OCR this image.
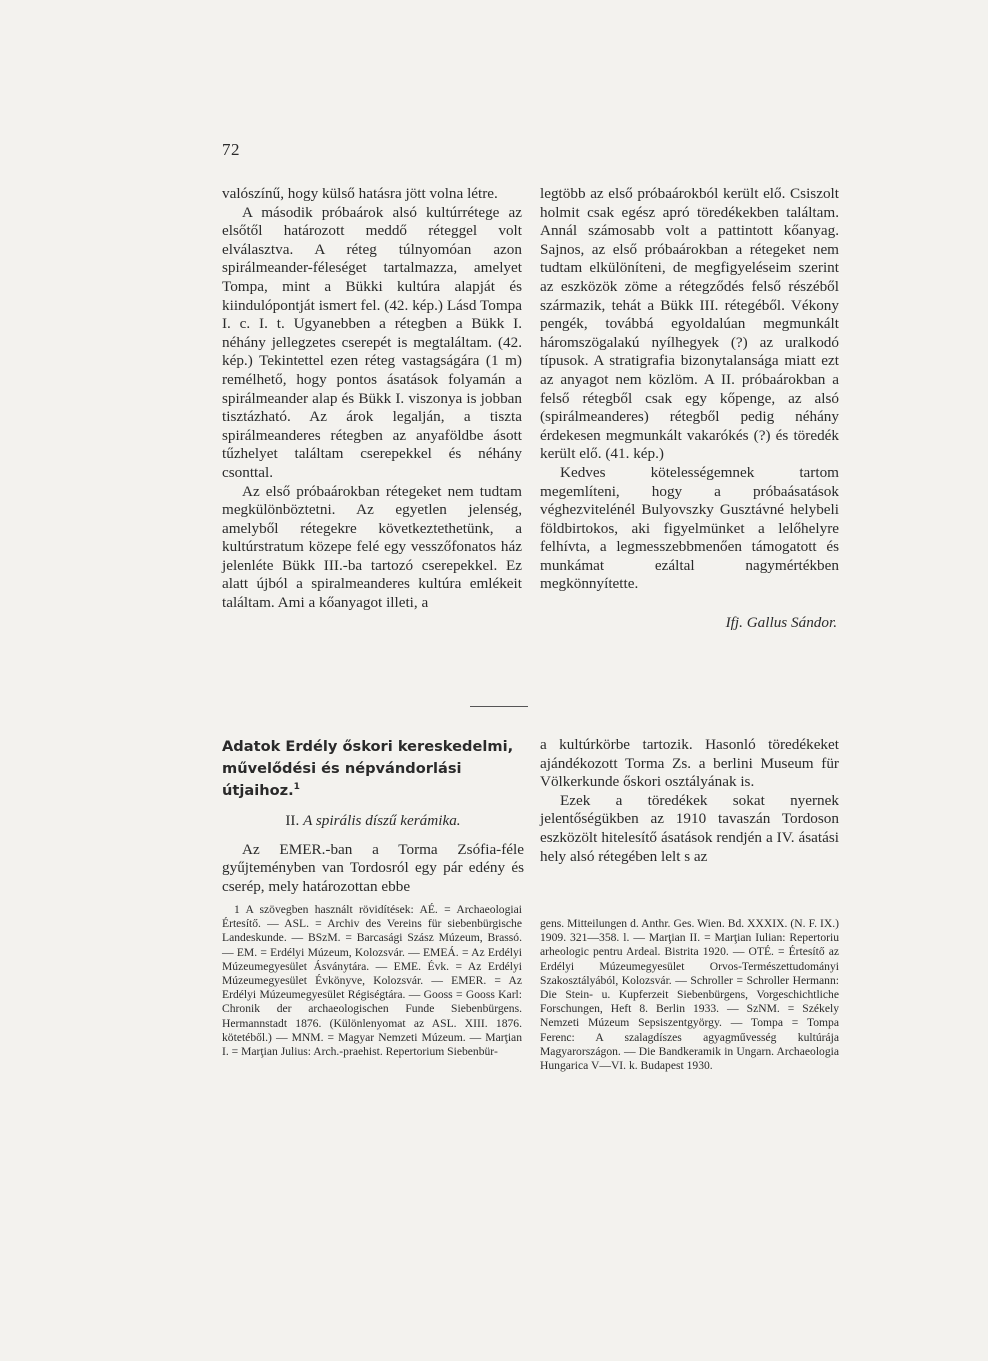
72

valószínű, hogy külső hatásra jött volna létre.

A második próbaárok alsó kultúrrétege az elsőtől határozott meddő réteggel volt elválasztva. A réteg túlnyomóan azon spirálmeander-féleséget tartalmazza, amelyet Tompa, mint a Bükki kultúra alapját és kiindulópontját ismert fel. (42. kép.) Lásd Tompa I. c. I. t. Ugyanebben a rétegben a Bükk I. néhány jellegzetes cserepét is megtaláltam. (42. kép.) Tekintettel ezen réteg vastagságára (1 m) remélhető, hogy pontos ásatások folyamán a spirálmeander alap és Bükk I. viszonya is jobban tisztázható. Az árok legalján, a tiszta spirálmeanderes rétegben az anyaföldbe ásott tűzhelyet találtam cserepekkel és néhány csonttal.

Az első próbaárokban rétegeket nem tudtam megkülönböztetni. Az egyetlen jelenség, amelyből rétegekre következtethetünk, a kultúrstratum közepe felé egy vesszőfonatos ház jelenléte Bükk III.-ba tartozó cserepekkel. Ez alatt újból a spiralmeanderes kultúra emlékeit találtam. Ami a kőanyagot illeti, a

legtöbb az első próbaárokból került elő. Csiszolt holmit csak egész apró töredékekben találtam. Annál számosabb volt a pattintott kőanyag. Sajnos, az első próbaárokban a rétegeket nem tudtam elkülöníteni, de megfigyeléseim szerint az eszközök zöme a rétegződés felső részéből származik, tehát a Bükk III. rétegéből. Vékony pengék, továbbá egyoldalúan megmunkált háromszögalakú nyílhegyek (?) az uralkodó típusok. A stratigrafia bizonytalansága miatt ezt az anyagot nem közlöm. A II. próbaárokban a felső rétegből csak egy kőpenge, az alsó (spirálmeanderes) rétegből pedig néhány érdekesen megmunkált vakarókés (?) és töredék került elő. (41. kép.)

Kedves kötelességemnek tartom megemlíteni, hogy a próbaásatások véghezvitelénél Bulyovszky Gusztávné helybeli földbirtokos, aki figyelmünket a lelőhelyre felhívta, a legmesszebbmenően támogatott és munkámat ezáltal nagymértékben megkönnyítette.

Ifj. Gallus Sándor.

Adatok Erdély őskori kereskedelmi, művelődési és népvándorlási útjaihoz.$^1$

II. A spirális díszű kerámika.

Az EMER.-ban a Torma Zsófia-féle gyűjteményben van Tordosról egy pár edény és cserép, mely határozottan ebbe

a kultúrkörbe tartozik. Hasonló töredékeket ajándékozott Torma Zs. a berlini Museum für Völkerkunde őskori osztályának is.

Ezek a töredékek sokat nyernek jelentőségükben az 1910 tavaszán Tordoson eszközölt hitelesítő ásatások rendjén a IV. ásatási hely alsó rétegében lelt s az

1 A szövegben használt rövidítések: AÉ. = Archaeologiai Értesítő. — ASL. = Archiv des Vereins für siebenbürgische Landeskunde. — BSzM. = Barcasági Szász Múzeum, Brassó. — EM. = Erdélyi Múzeum, Kolozsvár. — EMEÁ. = Az Erdélyi Múzeumegyesület Ásványtára. — EME. Évk. = Az Erdélyi Múzeumegyesület Évkönyve, Kolozsvár. — EMER. = Az Erdélyi Múzeumegyesület Régiségtára. — Gooss = Gooss Karl: Chronik der archaeologischen Funde Siebenbürgens. Hermannstadt 1876. (Különlenyomat az ASL. XIII. 1876. kötetéből.) — MNM. = Magyar Nemzeti Múzeum. — Marţian I. = Marţian Julius: Arch.-praehist. Repertorium Siebenbür-

gens. Mitteilungen d. Anthr. Ges. Wien. Bd. XXXIX. (N. F. IX.) 1909. 321—358. l. — Marţian II. = Marţian Iulian: Repertoriu arheologic pentru Ardeal. Bistrita 1920. — OTÉ. = Értesítő az Erdélyi Múzeumegyesület Orvos-Természettudományi Szakosztályából, Kolozsvár. — Schroller = Schroller Hermann: Die Stein- u. Kupferzeit Siebenbürgens, Vorgeschichtliche Forschungen, Heft 8. Berlin 1933. — SzNM. = Székely Nemzeti Múzeum Sepsiszentgyörgy. — Tompa = Tompa Ferenc: A szalagdíszes agyagművesség kultúrája Magyarországon. — Die Bandkeramik in Ungarn. Archaeologia Hungarica V—VI. k. Budapest 1930.
